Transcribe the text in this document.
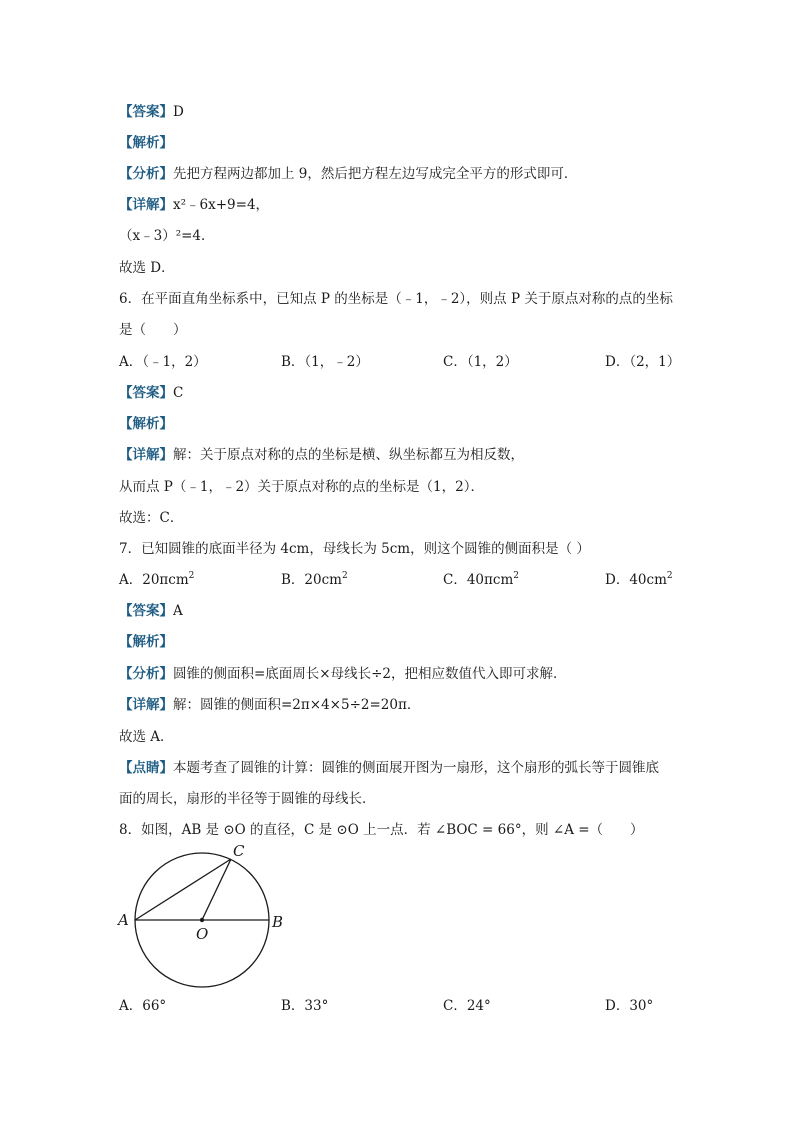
【答案】D
【解析】
【分析】先把方程两边都加上 9，然后把方程左边写成完全平方的形式即可．
【详解】x²﹣6x+9=4，
（x﹣3）²=4．
故选 D．
6．在平面直角坐标系中，已知点 P 的坐标是（﹣1，﹣2），则点 P 关于原点对称的点的坐标
是（　　）
A．（﹣1，2）	B．（1，﹣2）	C．（1，2）	D．（2，1）
【答案】C
【解析】
【详解】解：关于原点对称的点的坐标是横、纵坐标都互为相反数，
从而点 P（﹣1，﹣2）关于原点对称的点的坐标是（1，2）．
故选：C．
7．已知圆锥的底面半径为 4cm，母线长为 5cm，则这个圆锥的侧面积是（ ）
A．20πcm$^2$	B．$20cm^2$	C．40πcm$^2$	D．$40cm^2$
【答案】A
【解析】
【分析】圆锥的侧面积=底面周长×母线长÷2，把相应数值代入即可求解．
【详解】解：圆锥的侧面积=2π×4×5÷2=20π．
故选 A．
【点睛】本题考查了圆锥的计算：圆锥的侧面展开图为一扇形，这个扇形的弧长等于圆锥底
面的周长，扇形的半径等于圆锥的母线长．
8．如图，AB 是 ⊙O 的直径，C 是 ⊙O 上一点．若 ∠BOC = 66°，则 ∠A =（　　）
A	B
C
O
A．66°	B．33°	C．24°	D．30°
